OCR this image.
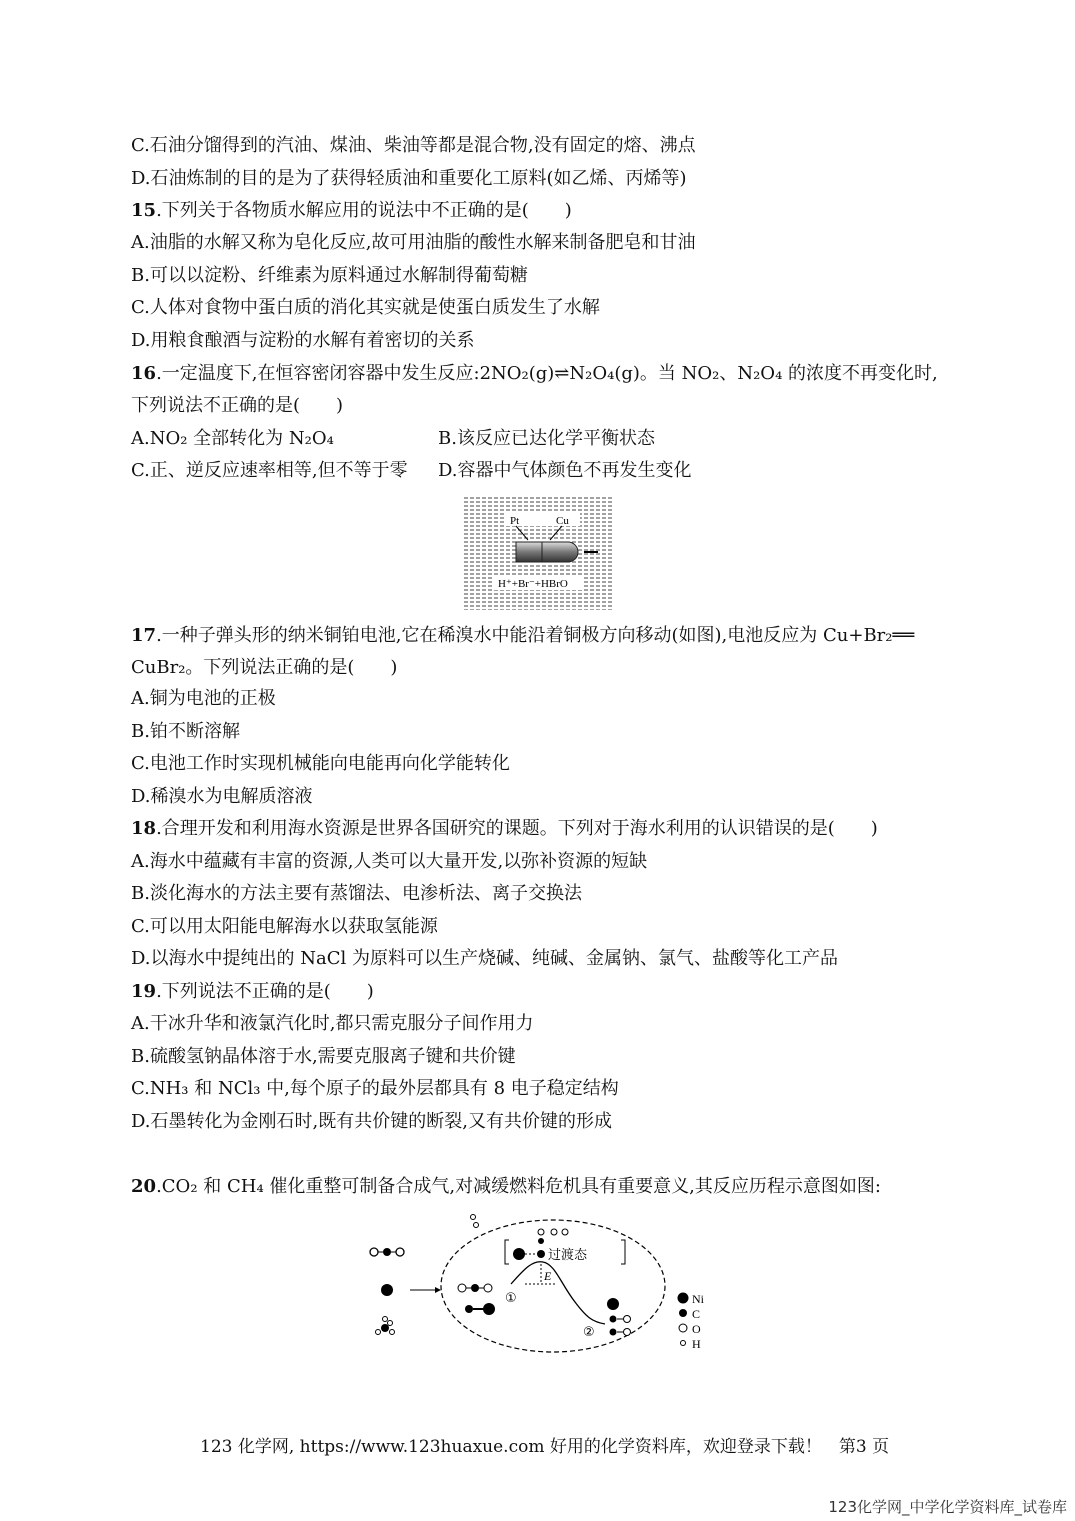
C.石油分馏得到的汽油、煤油、柴油等都是混合物,没有固定的熔、沸点
D.石油炼制的目的是为了获得轻质油和重要化工原料(如乙烯、丙烯等)
15.下列关于各物质水解应用的说法中不正确的是(　　)
A.油脂的水解又称为皂化反应,故可用油脂的酸性水解来制备肥皂和甘油
B.可以以淀粉、纤维素为原料通过水解制得葡萄糖
C.人体对食物中蛋白质的消化其实就是使蛋白质发生了水解
D.用粮食酿酒与淀粉的水解有着密切的关系
16.一定温度下,在恒容密闭容器中发生反应:2NO₂(g)⇌N₂O₄(g)。当 NO₂、N₂O₄ 的浓度不再变化时,
下列说法不正确的是(　　)
A.NO₂ 全部转化为 N₂O₄	B.该反应已达化学平衡状态
C.正、逆反应速率相等,但不等于零 D.容器中气体颜色不再发生变化
Pt	Cu
H⁺+Br⁻+HBrO
17.一种子弹头形的纳米铜铂电池,它在稀溴水中能沿着铜极方向移动(如图),电池反应为 Cu+Br₂══
CuBr₂。下列说法正确的是(　　)
A.铜为电池的正极
B.铂不断溶解
C.电池工作时实现机械能向电能再向化学能转化
D.稀溴水为电解质溶液
18.合理开发和利用海水资源是世界各国研究的课题。下列对于海水利用的认识错误的是(　　)
A.海水中蕴藏有丰富的资源,人类可以大量开发,以弥补资源的短缺
B.淡化海水的方法主要有蒸馏法、电渗析法、离子交换法
C.可以用太阳能电解海水以获取氢能源
D.以海水中提纯出的 NaCl 为原料可以生产烧碱、纯碱、金属钠、氯气、盐酸等化工产品
19.下列说法不正确的是(　　)
A.干冰升华和液氯汽化时,都只需克服分子间作用力
B.硫酸氢钠晶体溶于水,需要克服离子键和共价键
C.NH₃ 和 NCl₃ 中,每个原子的最外层都具有 8 电子稳定结构
D.石墨转化为金刚石时,既有共价键的断裂,又有共价键的形成
20.CO₂ 和 CH₄ 催化重整可制备合成气,对减缓燃料危机具有重要意义,其反应历程示意图如图:
过渡态
E
①
②
Ni
C
O
H
123 化学网, https://www.123huaxue.com 好用的化学资料库，欢迎登录下载！　第3 页
123化学网_中学化学资料库_试卷库
